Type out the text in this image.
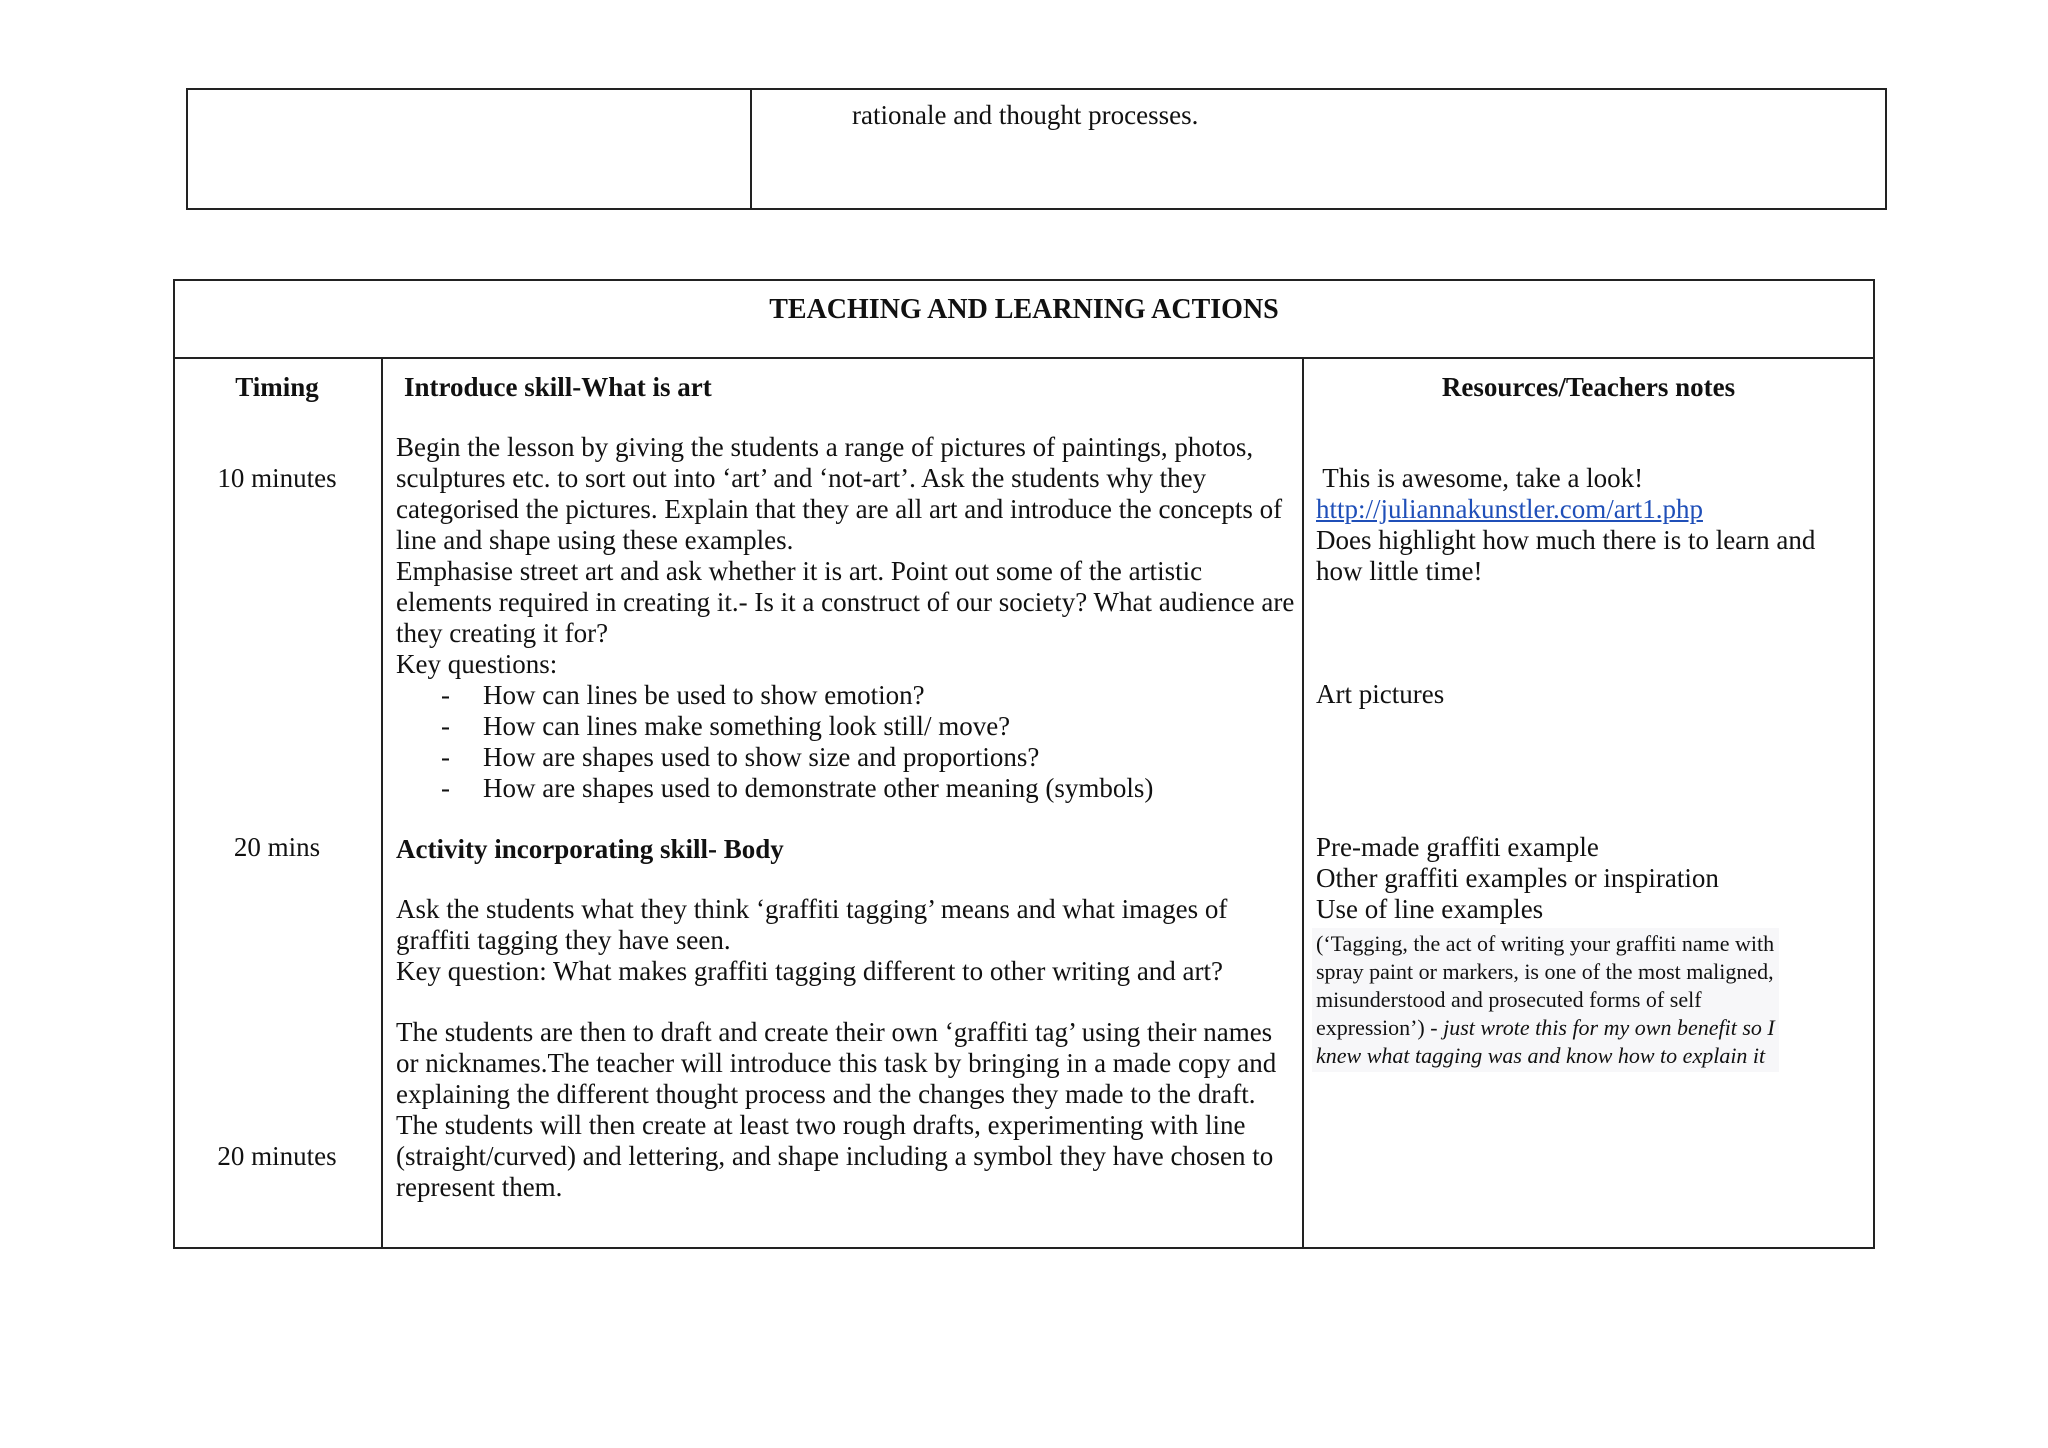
rationale and thought processes.
TEACHING AND LEARNING ACTIONS
Timing	Introduce skill-What is art	Resources/Teachers notes
10 minutes
20 mins
20 minutes
Begin the lesson by giving the students a range of pictures of paintings, photos,
sculptures etc. to sort out into ‘art’ and ‘not-art’. Ask the students why they
categorised the pictures. Explain that they are all art and introduce the concepts of
line and shape using these examples.
Emphasise street art and ask whether it is art. Point out some of the artistic
elements required in creating it.- Is it a construct of our society? What audience are
they creating it for?
Key questions:
- How can lines be used to show emotion?
- How can lines make something look still/ move?
- How are shapes used to show size and proportions?
- How are shapes used to demonstrate other meaning (symbols)
Activity incorporating skill- Body
Ask the students what they think ‘graffiti tagging’ means and what images of
graffiti tagging they have seen.
Key question: What makes graffiti tagging different to other writing and art?
The students are then to draft and create their own ‘graffiti tag’ using their names
or nicknames.The teacher will introduce this task by bringing in a made copy and
explaining the different thought process and the changes they made to the draft.
The students will then create at least two rough drafts, experimenting with line
(straight/curved) and lettering, and shape including a symbol they have chosen to
represent them.
This is awesome, take a look!
http://juliannakunstler.com/art1.php
Does highlight how much there is to learn and
how little time!
Art pictures
Pre-made graffiti example
Other graffiti examples or inspiration
Use of line examples
(‘Tagging, the act of writing your graffiti name with
spray paint or markers, is one of the most maligned,
misunderstood and prosecuted forms of self
expression’) - just wrote this for my own benefit so I
knew what tagging was and know how to explain it
